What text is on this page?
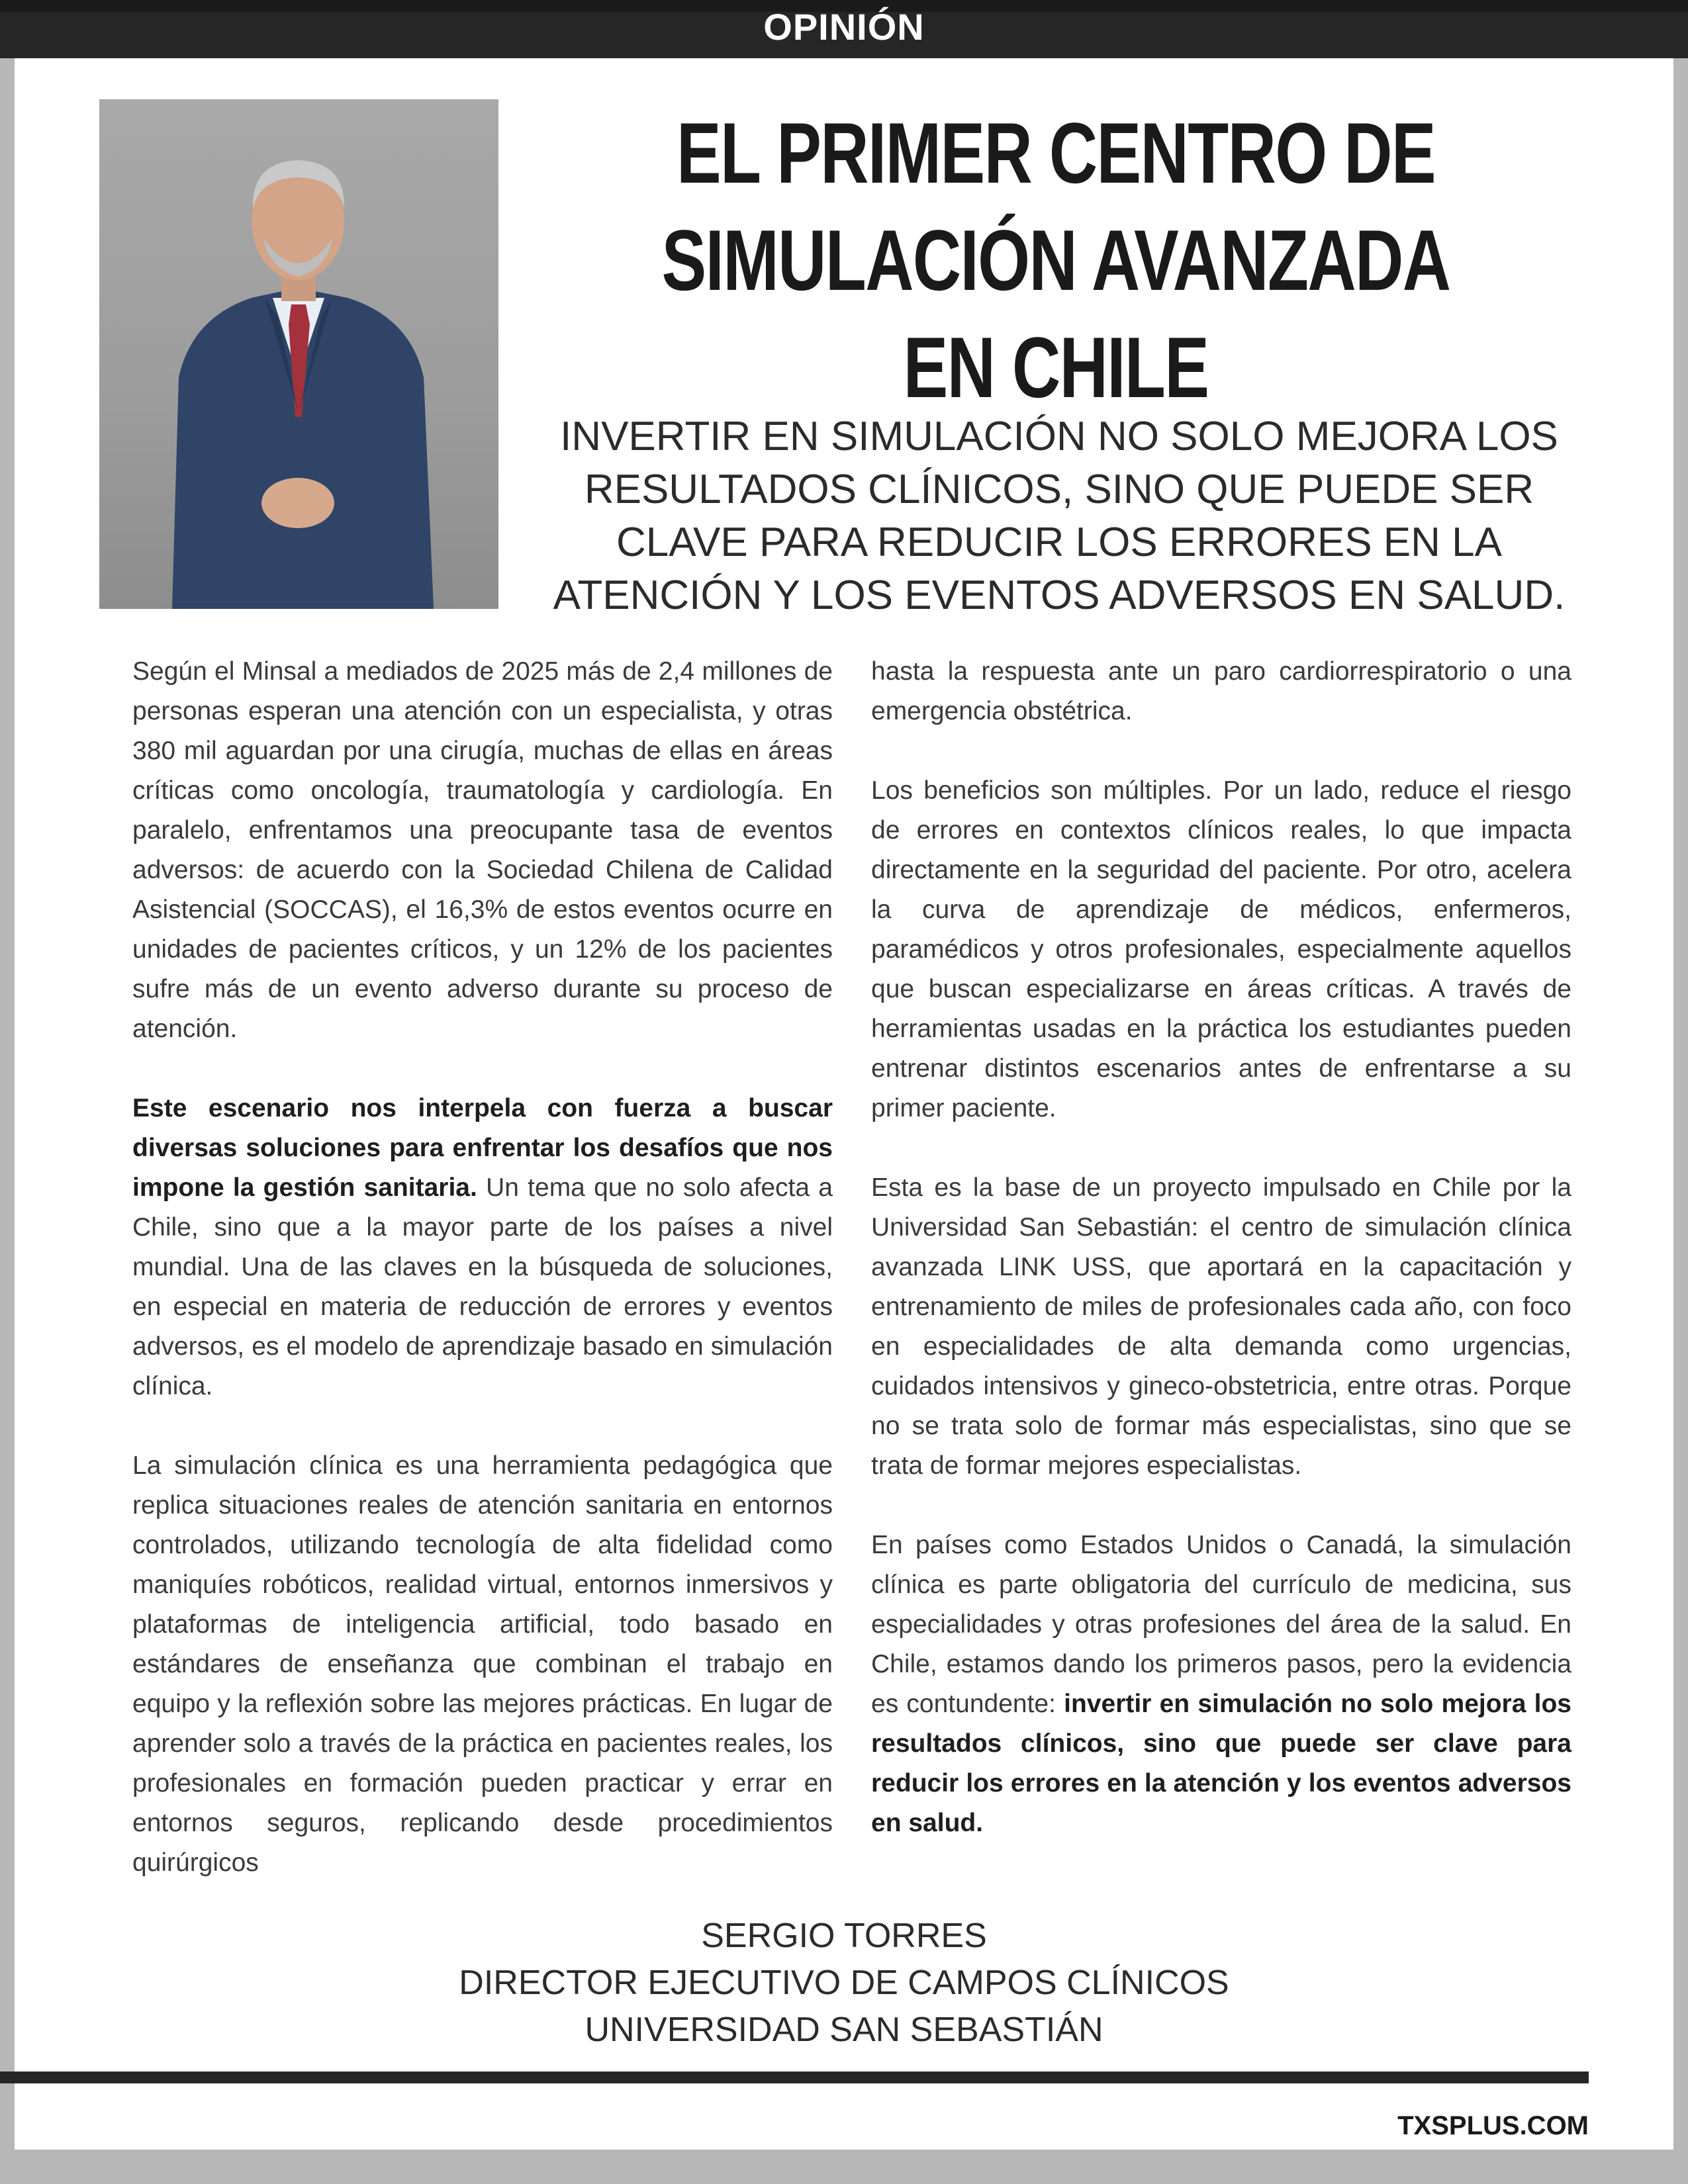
OPINIÓN
EL PRIMER CENTRO DE SIMULACIÓN AVANZADA EN CHILE
INVERTIR EN SIMULACIÓN NO SOLO MEJORA LOS RESULTADOS CLÍNICOS, SINO QUE PUEDE SER CLAVE PARA REDUCIR LOS ERRORES EN LA ATENCIÓN Y LOS EVENTOS ADVERSOS EN SALUD.

Según el Minsal a mediados de 2025 más de 2,4 millones de personas esperan una atención con un especialista, y otras 380 mil aguardan por una cirugía, muchas de ellas en áreas críticas como oncología, traumatología y cardiología. En paralelo, enfrentamos una preocupante tasa de eventos adversos: de acuerdo con la Sociedad Chilena de Calidad Asistencial (SOCCAS), el 16,3% de estos eventos ocurre en unidades de pacientes críticos, y un 12% de los pacientes sufre más de un evento adverso durante su proceso de atención.

Este escenario nos interpela con fuerza a buscar diversas soluciones para enfrentar los desafíos que nos impone la gestión sanitaria. Un tema que no solo afecta a Chile, sino que a la mayor parte de los países a nivel mundial. Una de las claves en la búsqueda de soluciones, en especial en materia de reducción de errores y eventos adversos, es el modelo de aprendizaje basado en simulación clínica.

La simulación clínica es una herramienta pedagógica que replica situaciones reales de atención sanitaria en entornos controlados, utilizando tecnología de alta fidelidad como maniquíes robóticos, realidad virtual, entornos inmersivos y plataformas de inteligencia artificial, todo basado en estándares de enseñanza que combinan el trabajo en equipo y la reflexión sobre las mejores prácticas. En lugar de aprender solo a través de la práctica en pacientes reales, los profesionales en formación pueden practicar y errar en entornos seguros, replicando desde procedimientos quirúrgicos

hasta la respuesta ante un paro cardiorrespiratorio o una emergencia obstétrica.

Los beneficios son múltiples. Por un lado, reduce el riesgo de errores en contextos clínicos reales, lo que impacta directamente en la seguridad del paciente. Por otro, acelera la curva de aprendizaje de médicos, enfermeros, paramédicos y otros profesionales, especialmente aquellos que buscan especializarse en áreas críticas. A través de herramientas usadas en la práctica los estudiantes pueden entrenar distintos escenarios antes de enfrentarse a su primer paciente.

Esta es la base de un proyecto impulsado en Chile por la Universidad San Sebastián: el centro de simulación clínica avanzada LINK USS, que aportará en la capacitación y entrenamiento de miles de profesionales cada año, con foco en especialidades de alta demanda como urgencias, cuidados intensivos y gineco-obstetricia, entre otras. Porque no se trata solo de formar más especialistas, sino que se trata de formar mejores especialistas.

En países como Estados Unidos o Canadá, la simulación clínica es parte obligatoria del currículo de medicina, sus especialidades y otras profesiones del área de la salud. En Chile, estamos dando los primeros pasos, pero la evidencia es contundente: invertir en simulación no solo mejora los resultados clínicos, sino que puede ser clave para reducir los errores en la atención y los eventos adversos en salud.

SERGIO TORRES
DIRECTOR EJECUTIVO DE CAMPOS CLÍNICOS
UNIVERSIDAD SAN SEBASTIÁN
TXSPLUS.COM
